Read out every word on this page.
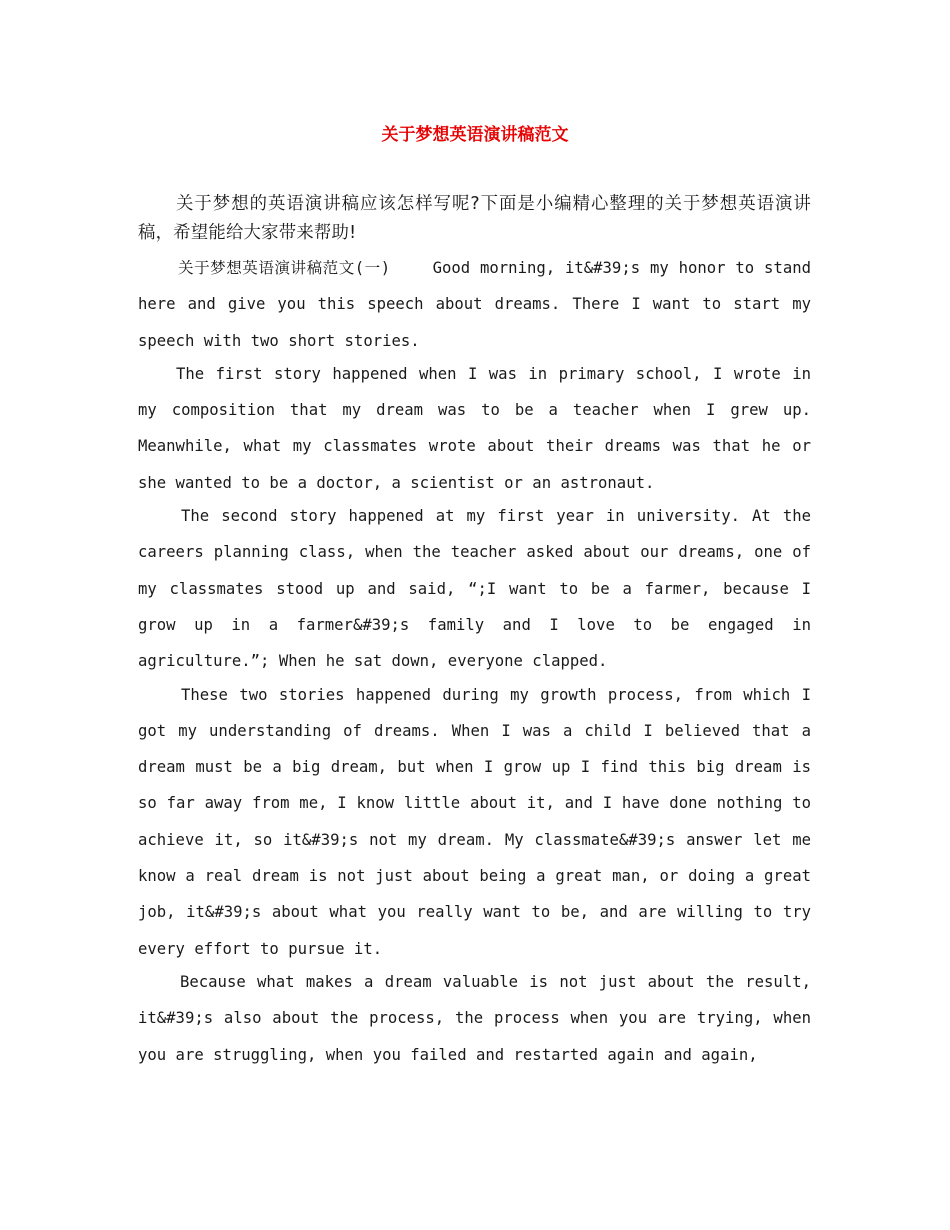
关于梦想英语演讲稿范文

关于梦想的英语演讲稿应该怎样写呢?下面是小编精心整理的关于梦想英语演讲稿，希望能给大家带来帮助!

关于梦想英语演讲稿范文(一)　　 Good morning, it&#39;s my honor to stand here and give you this speech about dreams. There I want to start my speech with two short stories.

The first story happened when I was in primary school, I wrote in my composition that my dream was to be a teacher when I grew up. Meanwhile, what my classmates wrote about their dreams was that he or she wanted to be a doctor, a scientist or an astronaut.

The second story happened at my first year in university. At the careers planning class, when the teacher asked about our dreams, one of my classmates stood up and said, “;I want to be a farmer, because I grow up in a farmer&#39;s family and I love to be engaged in agriculture.”; When he sat down, everyone clapped.

These two stories happened during my growth process, from which I got my understanding of dreams. When I was a child I believed that a dream must be a big dream, but when I grow up I find this big dream is so far away from me, I know little about it, and I have done nothing to achieve it, so it&#39;s not my dream. My classmate&#39;s answer let me know a real dream is not just about being a great man, or doing a great job, it&#39;s about what you really want to be, and are willing to try every effort to pursue it.

Because what makes a dream valuable is not just about the result, it&#39;s also about the process, the process when you are trying, when you are struggling, when you failed and restarted again and again,
